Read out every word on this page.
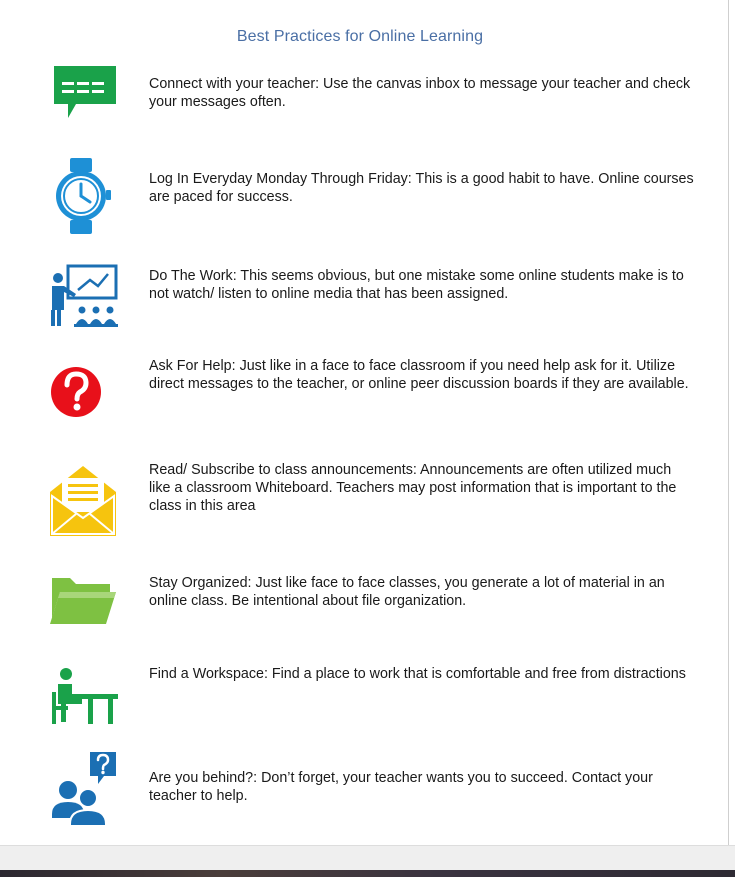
Best Practices for Online Learning
Connect with your teacher: Use the canvas inbox to message your teacher and check your messages often.
Log In Everyday Monday Through Friday: This is a good habit to have. Online courses are paced for success.
Do The Work: This seems obvious, but one mistake some online students make is to not watch/ listen to online media that has been assigned.
Ask For Help: Just like in a face to face classroom if you need help ask for it. Utilize direct messages to the teacher, or online peer discussion boards if they are available.
Read/ Subscribe to class announcements: Announcements are often utilized much like a classroom Whiteboard. Teachers may post information that is important to the class in this area
Stay Organized: Just like face to face classes, you generate a lot of material in an online class. Be intentional about file organization.
Find a Workspace: Find a place to work that is comfortable and free from distractions
Are you behind?: Don’t forget, your teacher wants you to succeed. Contact your teacher to help.
